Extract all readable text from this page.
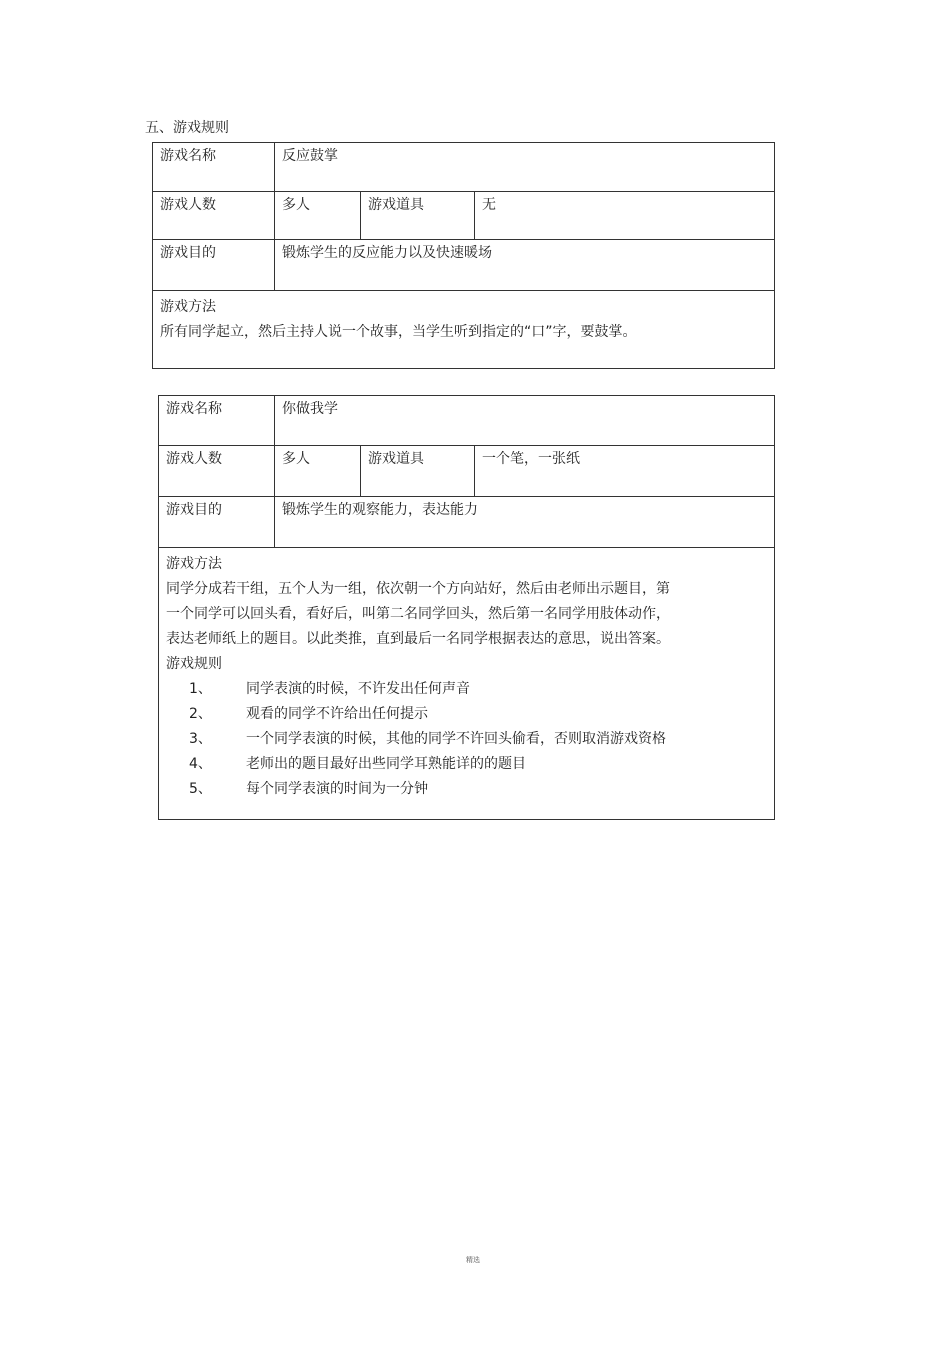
五、游戏规则
游戏名称	反应鼓掌
游戏人数	多人	游戏道具	无
游戏目的	锻炼学生的反应能力以及快速暖场

游戏方法

所有同学起立，然后主持人说一个故事，当学生听到指定的“口”字，要鼓掌。

游戏名称	你做我学
游戏人数	多人	游戏道具	一个笔，一张纸
游戏目的	锻炼学生的观察能力，表达能力

游戏方法

同学分成若干组，五个人为一组，依次朝一个方向站好，然后由老师出示题目，第

一个同学可以回头看，看好后，叫第二名同学回头，然后第一名同学用肢体动作，

表达老师纸上的题目。以此类推，直到最后一名同学根据表达的意思，说出答案。

游戏规则

1、 同学表演的时候，不许发出任何声音
2、 观看的同学不许给出任何提示
3、 一个同学表演的时候，其他的同学不许回头偷看，否则取消游戏资格
4、 老师出的题目最好出些同学耳熟能详的的题目
5、 每个同学表演的时间为一分钟
精选
